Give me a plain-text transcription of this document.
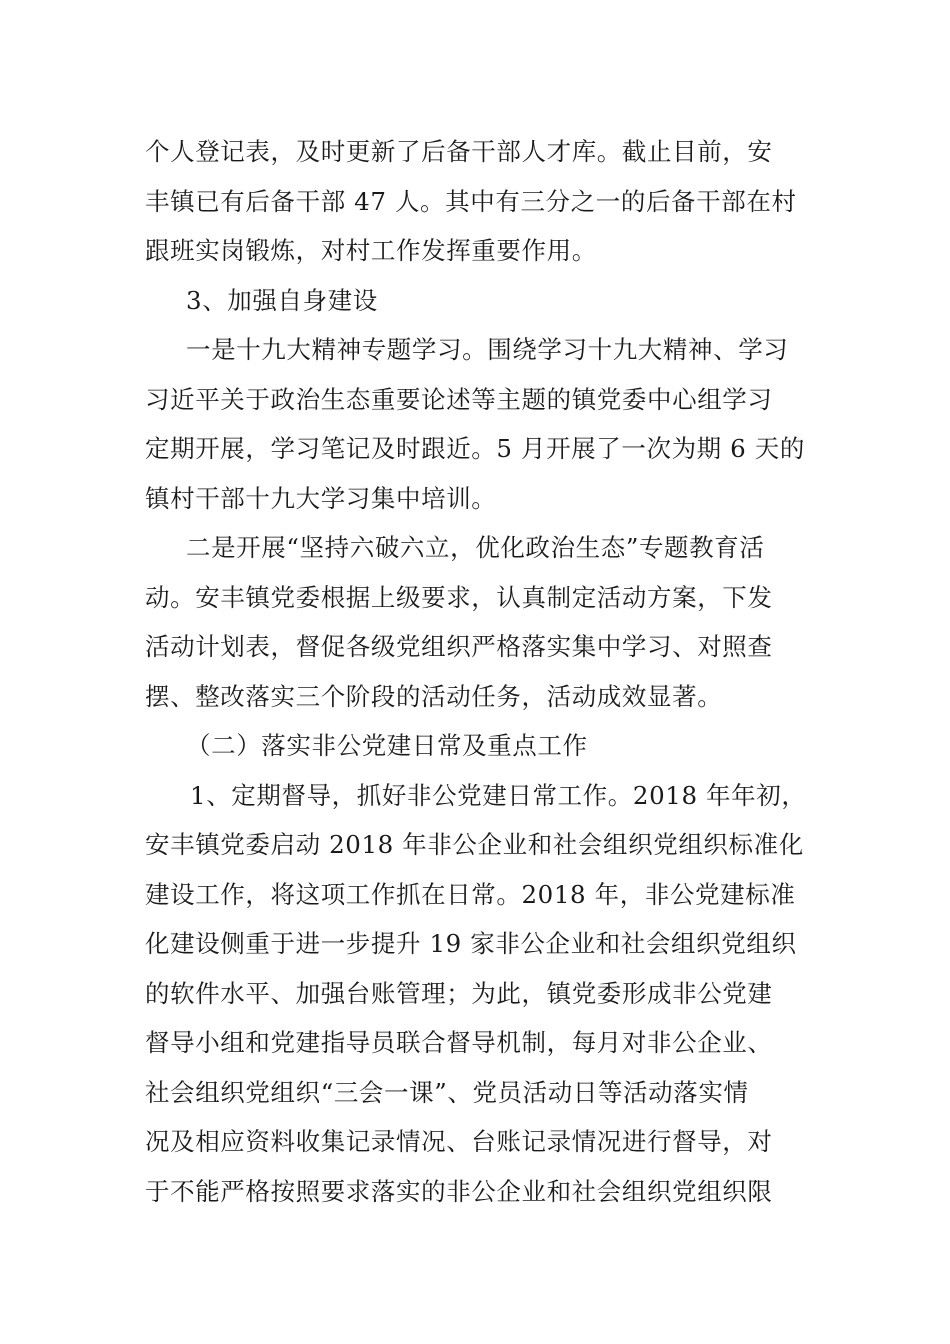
个人登记表，及时更新了后备干部人才库。截止目前，安
丰镇已有后备干部 47 人。其中有三分之一的后备干部在村
跟班实岗锻炼，对村工作发挥重要作用。
3、加强自身建设
一是十九大精神专题学习。围绕学习十九大精神、学习
习近平关于政治生态重要论述等主题的镇党委中心组学习
定期开展，学习笔记及时跟近。5 月开展了一次为期 6 天的
镇村干部十九大学习集中培训。
二是开展“坚持六破六立，优化政治生态”专题教育活
动。安丰镇党委根据上级要求，认真制定活动方案，下发
活动计划表，督促各级党组织严格落实集中学习、对照查
摆、整改落实三个阶段的活动任务，活动成效显著。
（二）落实非公党建日常及重点工作
1、定期督导，抓好非公党建日常工作。2018 年年初，
安丰镇党委启动 2018 年非公企业和社会组织党组织标准化
建设工作，将这项工作抓在日常。2018 年，非公党建标准
化建设侧重于进一步提升 19 家非公企业和社会组织党组织
的软件水平、加强台账管理；为此，镇党委形成非公党建
督导小组和党建指导员联合督导机制，每月对非公企业、
社会组织党组织“三会一课”、党员活动日等活动落实情
况及相应资料收集记录情况、台账记录情况进行督导，对
于不能严格按照要求落实的非公企业和社会组织党组织限
